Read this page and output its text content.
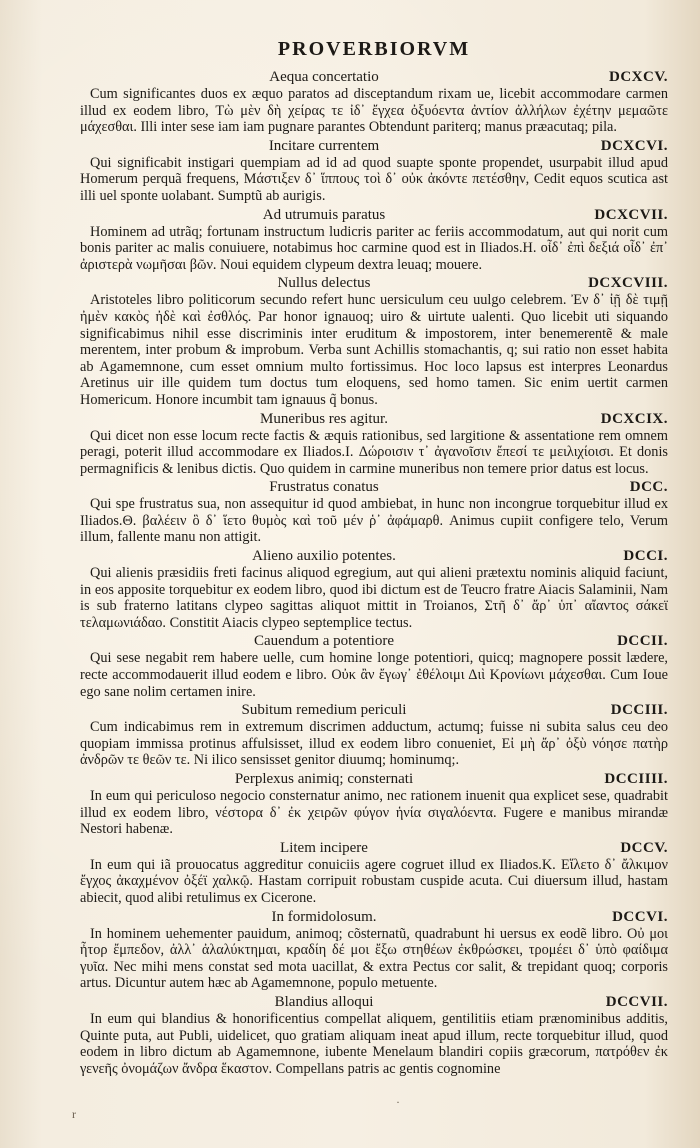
PROVERBIORVM
Aequa concertatio	DCXCV.

Cum significantes duos ex æquo paratos ad disceptandum rixam ue, licebit accommodare carmen illud ex eodem libro, Τὼ μὲν δὴ χείρας τε ἰδ᾽ ἔγχεα ὀξυόεντα ἀντίον ἀλλήλων ἐχέτην μεμαῶτε μάχεσθαι. Illi inter sese iam iam pugnare parantes Obtendunt pariterq; manus præacutaq; pila.

Incitare currentem	DCXCVI.

Qui significabit instigari quempiam ad id ad quod suapte sponte propendet, usurpabit illud apud Homerum perquã frequens, Μάστιξεν δ᾽ ἵππους τοὶ δ᾽ οὐκ ἀκόντε πετέσθην, Cedit equos scutica ast illi uel sponte uolabant. Sumptũ ab aurigis.

Ad utrumuis paratus	DCXCVII.

Hominem ad utrãq; fortunam instructum ludicris pariter ac feriis accommodatum, aut qui norit cum bonis pariter ac malis conuiuere, notabimus hoc carmine quod est in Iliados.H. οἶδ᾽ ἐπὶ δεξιά οἶδ᾽ ἐπ᾽ ἀριστερὰ νωμῆσαι βῶν. Noui equidem clypeum dextra leuaq; mouere.

Nullus delectus	DCXCVIII.

Aristoteles libro politicorum secundo refert hunc uersiculum ceu uulgo celebrem. Ἐν δ᾽ ἰῇ δὲ τιμῇ ἠμὲν κακὸς ἠδὲ καὶ ἐσθλός. Par honor ignauoq; uiro & uirtute ualenti. Quo licebit uti siquando significabimus nihil esse discriminis inter eruditum & impostorem, inter benemerentẽ & male merentem, inter probum & improbum. Verba sunt Achillis stomachantis, q; sui ratio non esset habita ab Agamemnone, cum esset omnium multo fortissimus. Hoc loco lapsus est interpres Leonardus Aretinus uir ille quidem tum doctus tum eloquens, sed homo tamen. Sic enim uertit carmen Homericum. Honore incumbit tam ignauus q̃ bonus.

Muneribus res agitur.	DCXCIX.

Qui dicet non esse locum recte factis & æquis rationibus, sed largitione & assentatione rem omnem peragi, poterit illud accommodare ex Iliados.I. Δώροισιν τ᾽ ἀγανοῖσιν ἔπεσί τε μειλιχίοισι. Et donis permagnificis & lenibus dictis. Quo quidem in carmine muneribus non temere prior datus est locus.

Frustratus conatus	DCC.

Qui spe frustratus sua, non assequitur id quod ambiebat, in hunc non incongrue torquebitur illud ex Iliados.Θ. βαλέειν ὃ δ᾽ ἵετο θυμὸς καὶ τοῦ μέν ῥ᾽ ἀφάμαρθ. Animus cupiit configere telo, Verum illum, fallente manu non attigit.

Alieno auxilio potentes.	DCCI.

Qui alienis præsidiis freti facinus aliquod egregium, aut qui alieni prætextu nominis aliquid faciunt, in eos apposite torquebitur ex eodem libro, quod ibi dictum est de Teucro fratre Aiacis Salaminii, Nam is sub fraterno latitans clypeo sagittas aliquot mittit in Troianos, Στῆ δ᾽ ἄρ᾽ ὑπ᾽ αἴαντος σάκεϊ τελαμωνιάδαο. Constitit Aiacis clypeo septemplice tectus.

Cauendum a potentiore	DCCII.

Qui sese negabit rem habere uelle, cum homine longe potentiori, quicq; magnopere possit lædere, recte accommodauerit illud eodem e libro. Οὐκ ἂν ἔγωγ᾽ ἐθέλοιμι Διὶ Κρονίωνι μάχεσθαι. Cum Ioue ego sane nolim certamen inire.

Subitum remedium periculi	DCCIII.

Cum indicabimus rem in extremum discrimen adductum, actumq; fuisse ni subita salus ceu deo quopiam immissa protinus affulsisset, illud ex eodem libro conueniet, Εἰ μὴ ἄρ᾽ ὀξὺ νόησε πατὴρ ἀνδρῶν τε θεῶν τε. Ni ilico sensisset genitor diuumq; hominumq;.

Perplexus animiq; consternati	DCCIIII.

In eum qui periculoso negocio consternatur animo, nec rationem inuenit qua explicet sese, quadrabit illud ex eodem libro, νέστορα δ᾽ ἐκ χειρῶν φύγον ἡνία σιγαλόεντα. Fugere e manibus mirandæ Nestori habenæ.

Litem incipere	DCCV.

In eum qui iã prouocatus aggreditur conuiciis agere cogruet illud ex Iliados.K. Εἵλετο δ᾽ ἄλκιμον ἔγχος ἀκαχμένον ὀξέϊ χαλκῷ. Hastam corripuit robustam cuspide acuta. Cui diuersum illud, hastam abiecit, quod alibi retulimus ex Cicerone.

In formidolosum.	DCCVI.

In hominem uehementer pauidum, animoq; cõsternatũ, quadrabunt hi uersus ex eodẽ libro. Οὐ μοι ἦτορ ἔμπεδον, ἀλλ᾽ ἀλαλύκτημαι, κραδίη δέ μοι ἔξω στηθέων ἐκθρώσκει, τρομέει δ᾽ ὑπὸ φαίδιμα γυῖα. Nec mihi mens constat sed mota uacillat, & extra Pectus cor salit, & trepidant quoq; corporis artus. Dicuntur autem hæc ab Agamemnone, populo metuente.

Blandius alloqui	DCCVII.

In eum qui blandius & honorificentius compellat aliquem, gentilitiis etiam prænominibus additis, Quinte puta, aut Publi, uidelicet, quo gratiam aliquam ineat apud illum, recte torquebitur illud, quod eodem in libro dictum ab Agamemnone, iubente Menelaum blandiri copiis græcorum, πατρόθεν ἐκ γενεῆς ὀνομάζων ἄνδρα ἕκαστον. Compellans patris ac gentis cognomine

r
·
